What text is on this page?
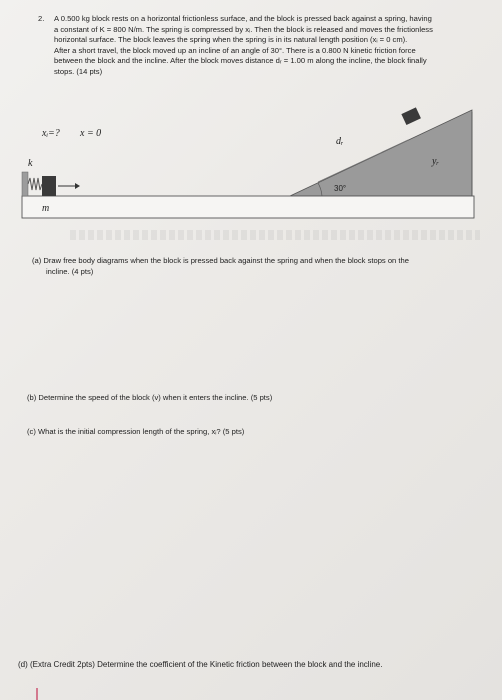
2. A 0.500 kg block rests on a horizontal frictionless surface, and the block is pressed back against a spring, having
a constant of K = 800 N/m. The spring is compressed by xᵢ. Then the block is released and moves the frictionless
horizontal surface. The block leaves the spring when the spring is in its natural length position (xᵢ = 0 cm).
After a short travel, the block moved up an incline of an angle of 30°. There is a 0.800 N kinetic friction force
between the block and the incline. After the block moves distance dᵣ = 1.00 m along the incline, the block finally
stops. (14 pts)
xᵢ=? x = 0
k
m
dᵣ
30°
yᵣ
(a) Draw free body diagrams when the block is pressed back against the spring and when the block stops on the
incline. (4 pts)
(b) Determine the speed of the block (v) when it enters the incline. (5 pts)
(c) What is the initial compression length of the spring, xᵢ? (5 pts)
(d) (Extra Credit 2pts) Determine the coefficient of the Kinetic friction between the block and the incline.
